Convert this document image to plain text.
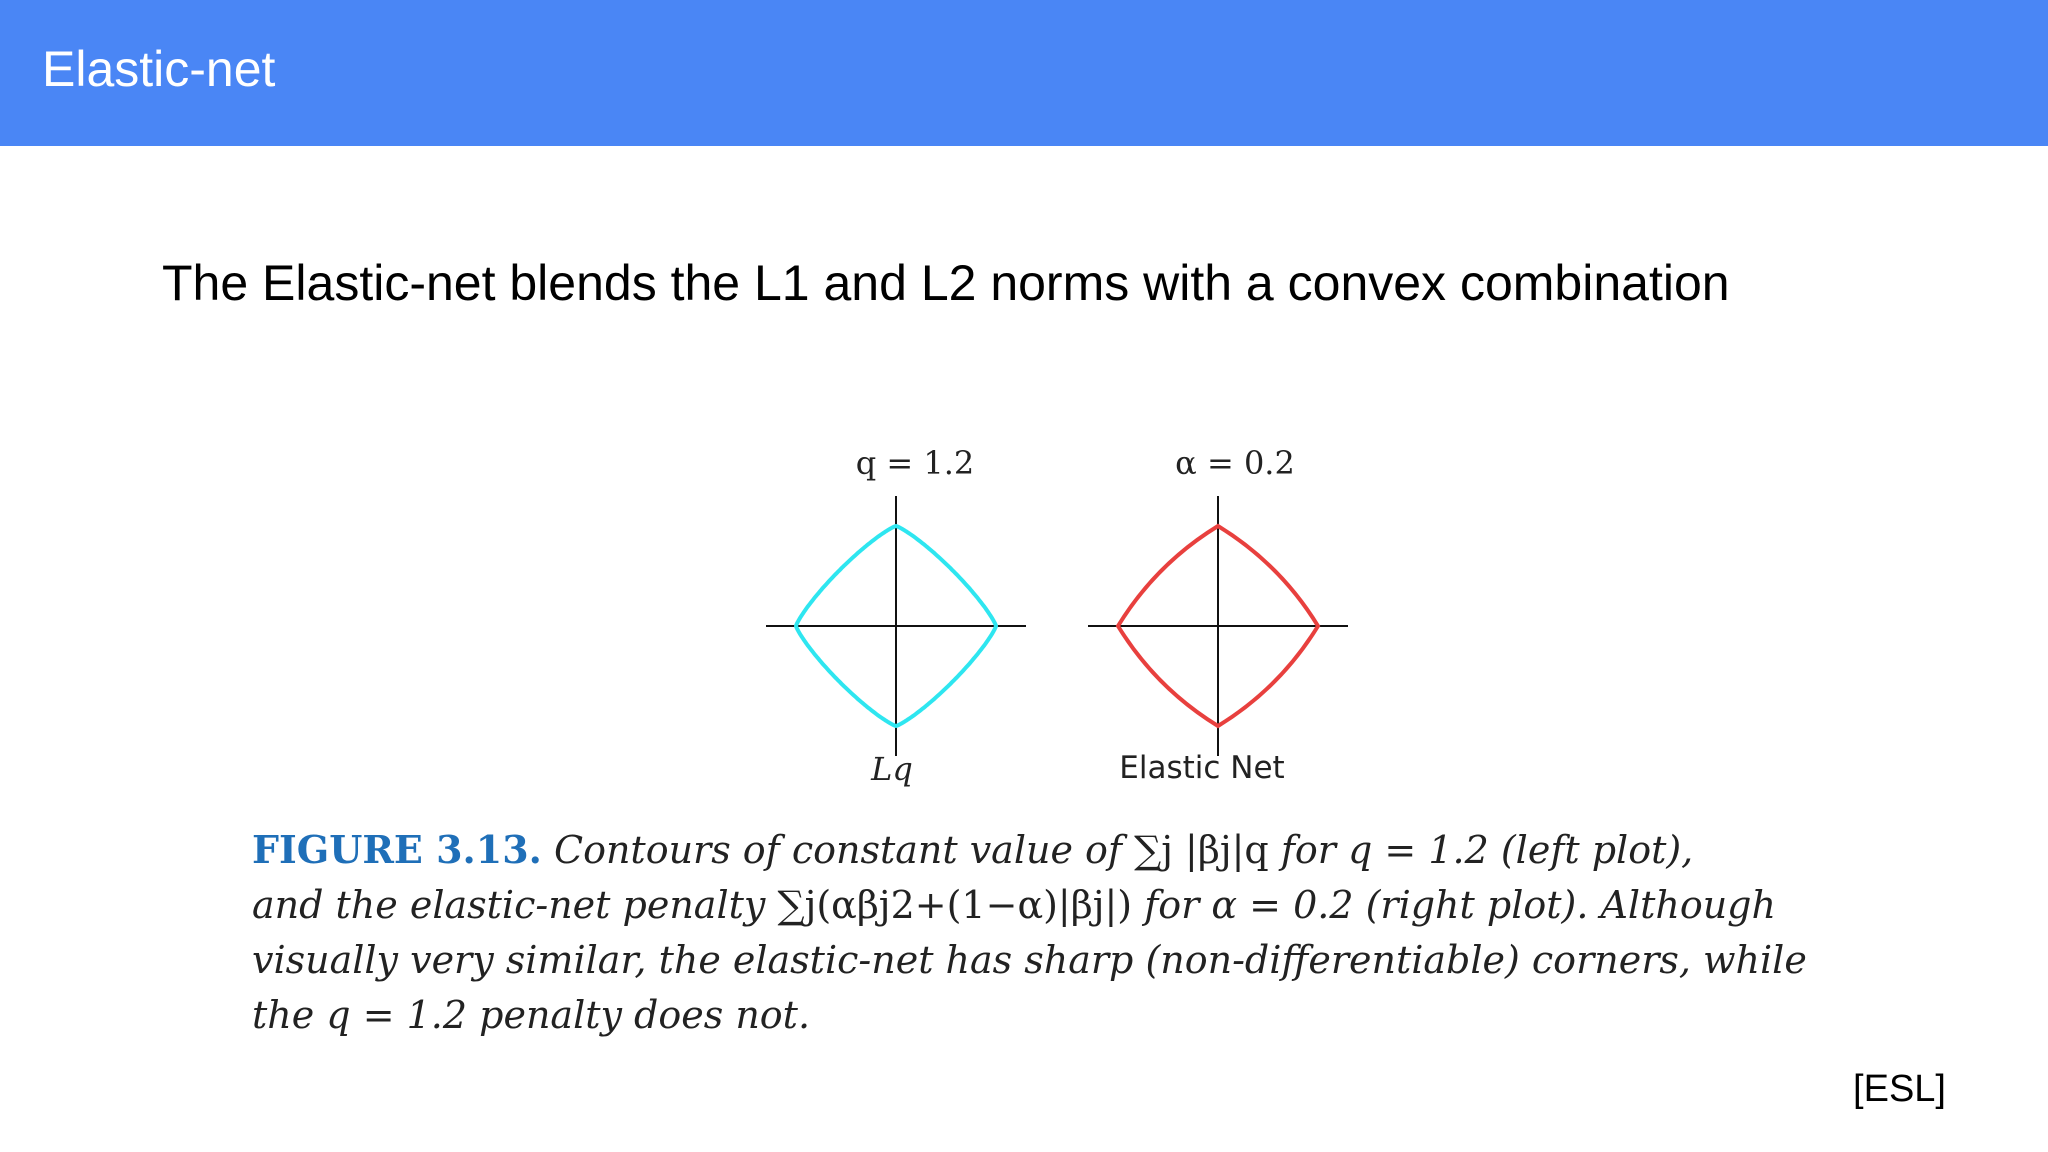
Elastic-net
The Elastic-net blends the L1 and L2 norms with a convex combination
q = 1.2
Lq
α = 0.2
Elastic Net
FIGURE 3.13. Contours of constant value of ∑j |βj|q for q = 1.2 (left plot),
and the elastic-net penalty ∑j(αβj2+(1−α)|βj|) for α = 0.2 (right plot). Although
visually very similar, the elastic-net has sharp (non-differentiable) corners, while
the q = 1.2 penalty does not.
[ESL]
